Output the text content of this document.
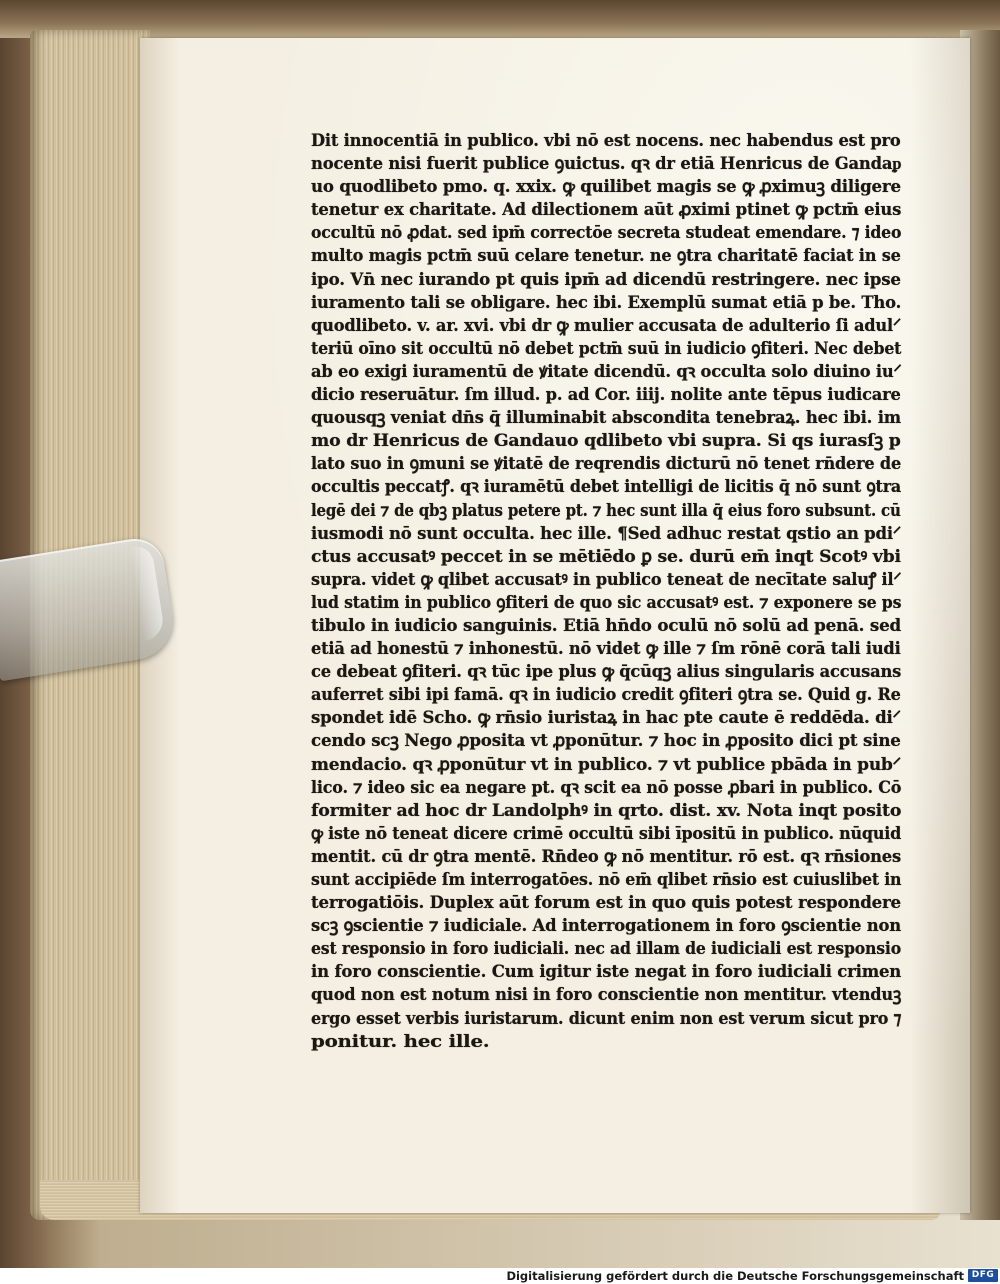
Dit innocentiā in publico. vbi nō est nocens. nec habendus est pro
nocente nisi fuerit publice ꝯuictus. qꝛ dr etiā Henricus de Gandaᵱ
uo quodlibeto pmo. q. xxix. ꝙ quilibet magis se ꝙ ꝓximuꝫ diligere
tenetur ex charitate. Ad dilectionem aūt ꝓximi ptinet ꝙ pctm̄ eius
occultū nō ꝓdat. sed ipm̄ correctōe secreta studeat emendare. ⁊ ideo
multo magis pctm̄ suū celare tenetur. ne ꝯtra charitatē faciat in se
ipo. Vn̄ nec iurando pt quis ipm̄ ad dicendū restringere. nec ipse
iuramento tali se obligare. hec ibi. Exemplū sumat etiā p be. Tho.
quodlibeto. v. ar. xvi. vbi dr ꝙ mulier accusata de adulterio ſi adul⸍
teriū oīno sit occultū nō debet pctm̄ suū in iudicio ꝯfiteri. Nec debet
ab eo exigi iuramentū de ꝟitate dicendū. qꝛ occulta solo diuino iu⸍
dicio reseruātur. ſm illud. p. ad Cor. iiij. nolite ante tēpus iudicare
quousqꝫ veniat dn̄s q̄ illuminabit abscondita tenebraꝝ. hec ibi. im
mo dr Henricus de Gandauo qdlibeto vbi supra. Si qs iurasſꝫ p
lato suo in ꝯmuni se ꝟitatē de reqrendis dicturū nō tenet rn̄dere de
occultis peccatꝭ. qꝛ iuramētū debet intelligi de licitis q̄ nō sunt ꝯtra
legē dei ⁊ de qbꝫ platus petere pt. ⁊ hec sunt illa q̄ eius foro subsunt. cū
iusmodi nō sunt occulta. hec ille. ¶Sed adhuc restat qstio an pdi⸍
ctus accusatꝰ peccet in se mētiēdo ꝑ se. durū em̄ inqt Scotꝰ vbi
supra. videt ꝙ qlibet accusatꝰ in publico teneat de necītate saluꝭ il⸍
lud statim in publico ꝯfiteri de quo sic accusatꝰ est. ⁊ exponere se ps
tibulo in iudicio sanguinis. Etiā hn̄do oculū nō solū ad penā. sed
etiā ad honestū ⁊ inhonestū. nō videt ꝙ ille ⁊ ſm rōnē corā tali iudi
ce debeat ꝯfiteri. qꝛ tūc ipe plus ꝙ q̄cūqꝫ alius singularis accusans
auferret sibi ipi famā. qꝛ in iudicio credit ꝯfiteri ꝯtra se. Quid g. Re
spondet idē Scho. ꝙ rn̄sio iuristaꝝ in hac pte caute ē reddēda. di⸍
cendo scꝫ Nego ꝓposita vt ꝓponūtur. ⁊ hoc in ꝓposito dici pt sine
mendacio. qꝛ ꝓponūtur vt in publico. ⁊ vt publice pbāda in pub⸍
lico. ⁊ ideo sic ea negare pt. qꝛ scit ea nō posse ꝓbari in publico. Cō
formiter ad hoc dr Landolphꝰ in qrto. dist. xv. Nota inqt posito
ꝙ iste nō teneat dicere crimē occultū sibi īpositū in publico. nūquid
mentit. cū dr ꝯtra mentē. Rn̄deo ꝙ nō mentitur. rō est. qꝛ rn̄siones
sunt accipiēde ſm interrogatōes. nō em̄ qlibet rn̄sio est cuiuslibet in
terrogatiōis. Duplex aūt forum est in quo quis potest respondere
scꝫ ꝯscientie ⁊ iudiciale. Ad interrogationem in foro ꝯscientie non
est responsio in foro iudiciali. nec ad illam de iudiciali est responsio
in foro conscientie. Cum igitur iste negat in foro iudiciali crimen
quod non est notum nisi in foro conscientie non mentitur. vtenduꝫ
ergo esset verbis iuristarum. dicunt enim non est verum sicut pro ⁊
ponitur. hec ille.
Digitalisierung gefördert durch die Deutsche Forschungsgemeinschaft DFG
